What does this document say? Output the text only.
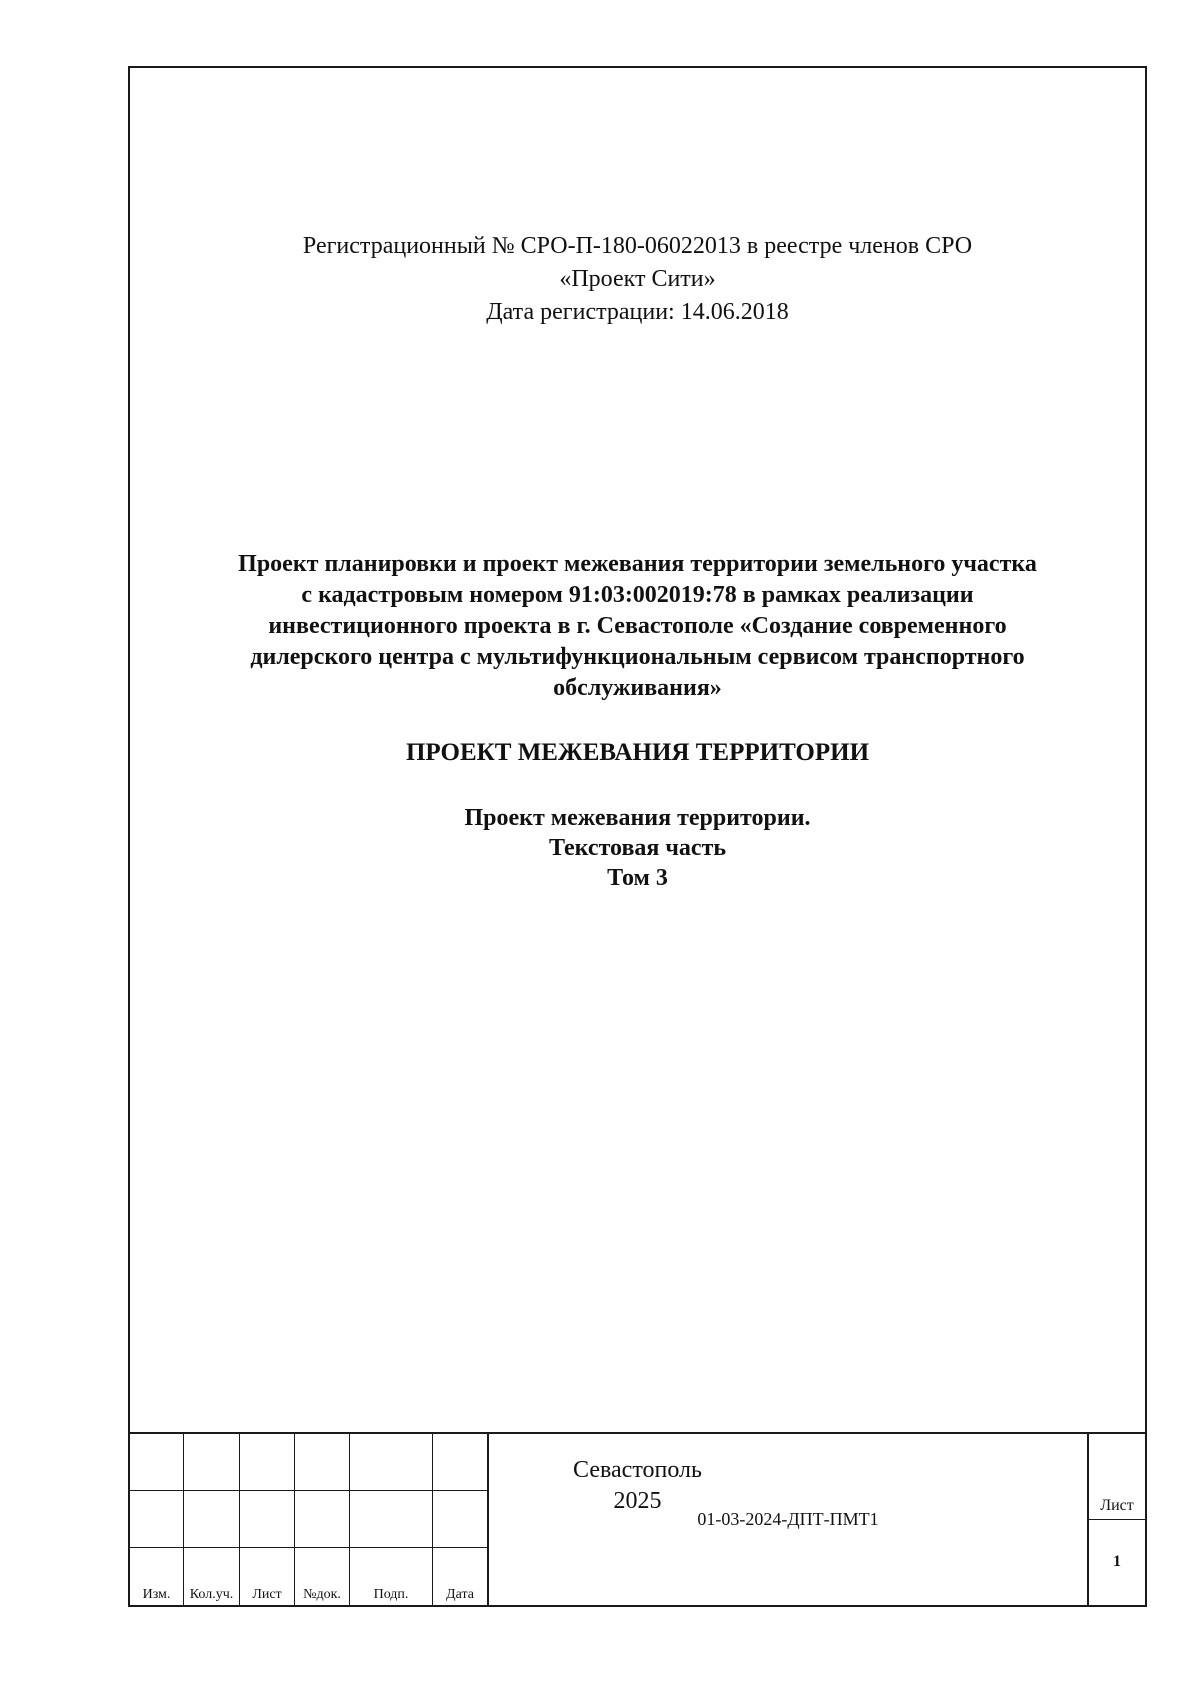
Регистрационный № СРО-П-180-06022013 в реестре членов СРО
«Проект Сити»
Дата регистрации: 14.06.2018
Проект планировки и проект межевания территории земельного участка
с кадастровым номером 91:03:002019:78 в рамках реализации
инвестиционного проекта в г. Севастополе «Создание современного
дилерского центра с мультифункциональным сервисом транспортного
обслуживания»
ПРОЕКТ МЕЖЕВАНИЯ ТЕРРИТОРИИ
Проект межевания территории.
Текстовая часть
Том 3
Севастополь
2025
Изм.	Кол.уч.	Лист	№док.	Подп.	Дата
01-03-2024-ДПТ-ПМТ1
Лист
1
